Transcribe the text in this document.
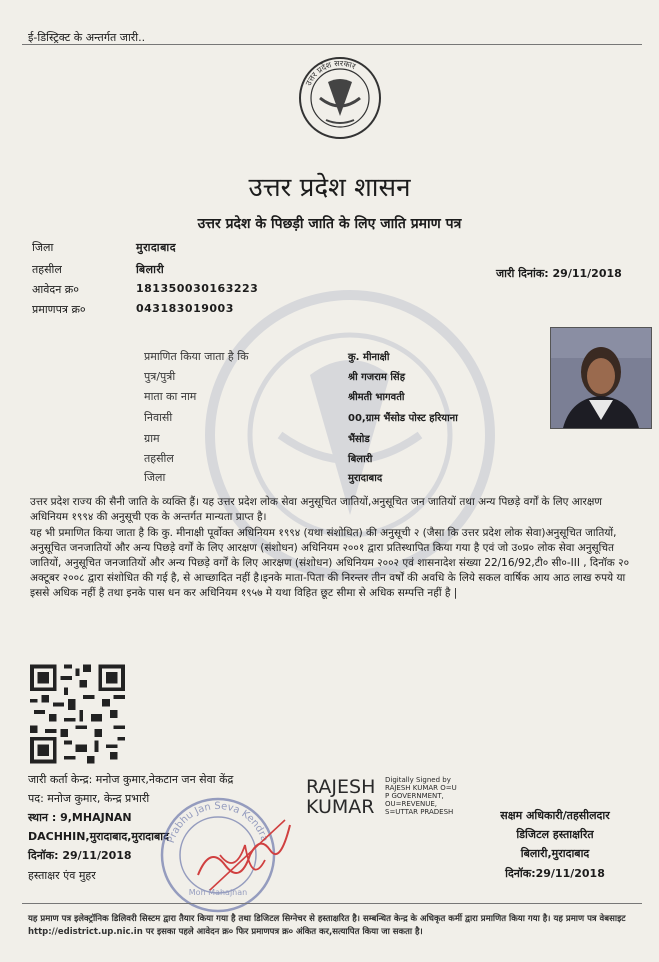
ई-डिस्ट्रिक्ट के अन्तर्गत जारी..
उत्तर प्रदेश सरकार
उत्तर प्रदेश शासन
उत्तर प्रदेश के पिछड़ी जाति के लिए जाति प्रमाण पत्र
जिला	मुरादाबाद
तहसील	बिलारी
आवेदन क्र०	181350030163223
प्रमाणपत्र क्र०	043183019003
जारी दिनांक: 29/11/2018
प्रमाणित किया जाता है कि	कु. मीनाक्षी
पुत्र/पुत्री	श्री गजराम सिंह
माता का नाम	श्रीमती भागवती
निवासी	00,ग्राम भैंसोड पोस्ट हरियाना
ग्राम	भैंसोड
तहसील	बिलारी
जिला	मुरादाबाद

उत्तर प्रदेश राज्य की सैनी जाति के व्यक्ति हैं। यह उत्तर प्रदेश लोक सेवा अनुसूचित जातियों,अनुसूचित जन जातियों तथा अन्य पिछड़े वर्गों के लिए आरक्षण अधिनियम १९९४ की अनुसूची एक के अन्तर्गत मान्यता प्राप्त है।

यह भी प्रमाणित किया जाता है कि कु. मीनाक्षी पूर्वोक्त अधिनियम १९९४ (यथा संशोधित) की अनुसूची २ (जैसा कि उत्तर प्रदेश लोक सेवा)अनुसूचित जातियों, अनुसूचित जनजातियों और अन्य पिछड़े वर्गों के लिए आरक्षण (संशोधन) अधिनियम २००१ द्वारा प्रतिस्थापित किया गया है एवं जो उ०प्र० लोक सेवा अनुसूचित जातियों, अनुसूचित जनजातियों और अन्य पिछड़े वर्गों के लिए आरक्षण (संशोधन) अधिनियम २००२ एवं शासनादेश संख्या 22/16/92,टी० सी०-III , दिनॉक २० अक्टूबर २००८ द्वारा संशोधित की गई है, से आच्छादित नहीं है।इनके माता-पिता की निरन्तर तीन वर्षों की अवधि के लिये सकल वार्षिक आय आठ लाख रुपये या इससे अधिक नहीं है तथा इनके पास धन कर अधिनियम १९५७ मे यथा विहित छूट सीमा से अधिक सम्पत्ति नहीं है |

जारी कर्ता केन्द्र: मनोज कुमार,नेकटान जन सेवा केंद्र
पद: मनोज कुमार, केन्द्र प्रभारी
स्थान : 9,MHAJNAN
DACHHIN,मुरादाबाद,मुरादाबाद
दिनॉक: 29/11/2018
हस्ताक्षर एंव मुहर
Prabhu Jan Seva Kendra
Moh Mahajnan
RAJESH
KUMAR
Digitally Signed by
RAJESH KUMAR O=U
P GOVERNMENT,
OU=REVENUE,
S=UTTAR PRADESH	सक्षम अधिकारी/तहसीलदार
डिजिटल हस्ताक्षरित
बिलारी,मुरादाबाद
दिनॉक:29/11/2018
यह प्रमाण पत्र इलेक्ट्रॉनिक डिलिवरी सिस्टम द्वारा तैयार किया गया है तथा डिजिटल सिग्नेचर से हस्ताक्षरित है। सम्बन्धित केन्द्र के अधिकृत कर्मी द्वारा प्रमाणित किया गया है। यह प्रमाण पत्र वेबसाइट http://edistrict.up.nic.in पर इसका पहले आवेदन क्र० फिर प्रमाणपत्र क्र० अंकित कर,सत्यापित किया जा सकता है।
